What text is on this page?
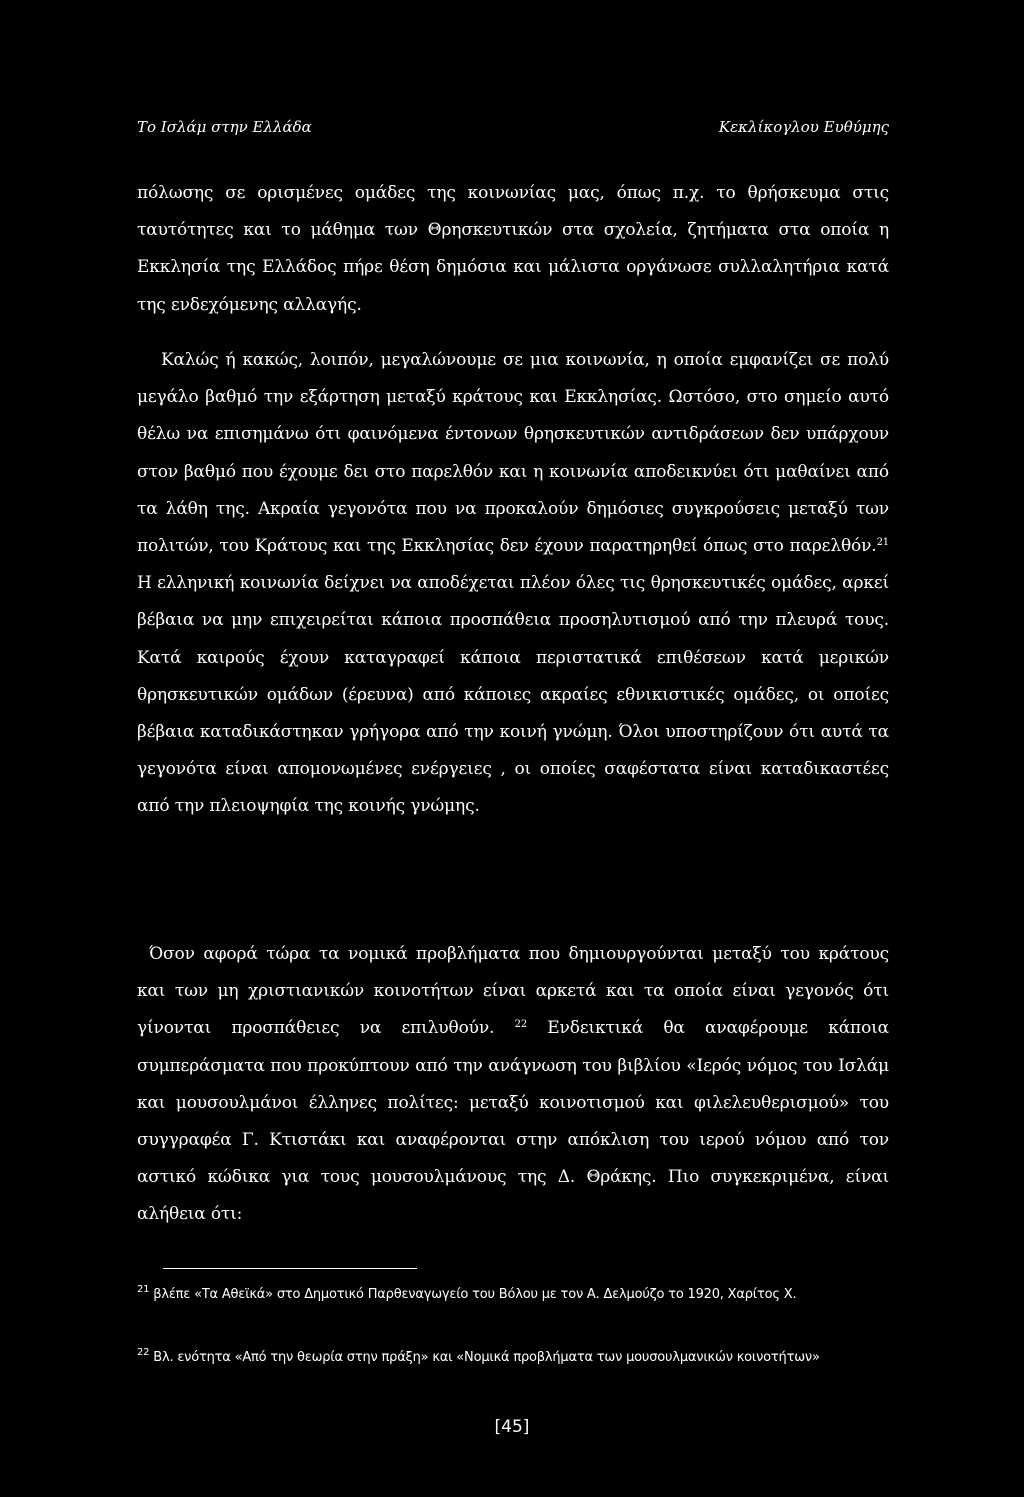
Το Ισλάμ στην Ελλάδα	Κεκλίκογλου Ευθύμης

πόλωσης σε ορισμένες ομάδες της κοινωνίας μας, όπως π.χ. το θρήσκευμα στις ταυτότητες και το μάθημα των Θρησκευτικών στα σχολεία, ζητήματα στα οποία η Εκκλησία της Ελλάδος πήρε θέση δημόσια και μάλιστα οργάνωσε συλλαλητήρια κατά της ενδεχόμενης αλλαγής.

Καλώς ή κακώς, λοιπόν, μεγαλώνουμε σε μια κοινωνία, η οποία εμφανίζει σε πολύ μεγάλο βαθμό την εξάρτηση μεταξύ κράτους και Εκκλησίας. Ωστόσο, στο σημείο αυτό θέλω να επισημάνω ότι φαινόμενα έντονων θρησκευτικών αντιδράσεων δεν υπάρχουν στον βαθμό που έχουμε δει στο παρελθόν και η κοινωνία αποδεικνύει ότι μαθαίνει από τα λάθη της. Ακραία γεγονότα που να προκαλούν δημόσιες συγκρούσεις μεταξύ των πολιτών, του Κράτους και της Εκκλησίας δεν έχουν παρατηρηθεί όπως στο παρελθόν.$^{21}$ Η ελληνική κοινωνία δείχνει να αποδέχεται πλέον όλες τις θρησκευτικές ομάδες, αρκεί βέβαια να μην επιχειρείται κάποια προσπάθεια προσηλυτισμού από την πλευρά τους. Κατά καιρούς έχουν καταγραφεί κάποια περιστατικά επιθέσεων κατά μερικών θρησκευτικών ομάδων (έρευνα) από κάποιες ακραίες εθνικιστικές ομάδες, οι οποίες βέβαια καταδικάστηκαν γρήγορα από την κοινή γνώμη. Όλοι υποστηρίζουν ότι αυτά τα γεγονότα είναι απομονωμένες ενέργειες , οι οποίες σαφέστατα είναι καταδικαστέες από την πλειοψηφία της κοινής γνώμης.

Όσον αφορά τώρα τα νομικά προβλήματα που δημιουργούνται μεταξύ του κράτους και των μη χριστιανικών κοινοτήτων είναι αρκετά και τα οποία είναι γεγονός ότι γίνονται προσπάθειες να επιλυθούν. $^{22}$ Ενδεικτικά θα αναφέρουμε κάποια συμπεράσματα που προκύπτουν από την ανάγνωση του βιβλίου «Ιερός νόμος του Ισλάμ και μουσουλμάνοι έλληνες πολίτες: μεταξύ κοινοτισμού και φιλελευθερισμού» του συγγραφέα Γ. Κτιστάκι και αναφέρονται στην απόκλιση του ιερού νόμου από τον αστικό κώδικα για τους μουσουλμάνους της Δ. Θράκης. Πιο συγκεκριμένα, είναι αλήθεια ότι:

$^{21}$ βλέπε «Τα Αθεϊκά» στο Δημοτικό Παρθεναγωγείο του Βόλου με τον Α. Δελμούζο το 1920, Χαρίτος Χ.

$^{22}$ Βλ. ενότητα «Από την θεωρία στην πράξη» και «Νομικά προβλήματα των μουσουλμανικών κοινοτήτων»

[45]
